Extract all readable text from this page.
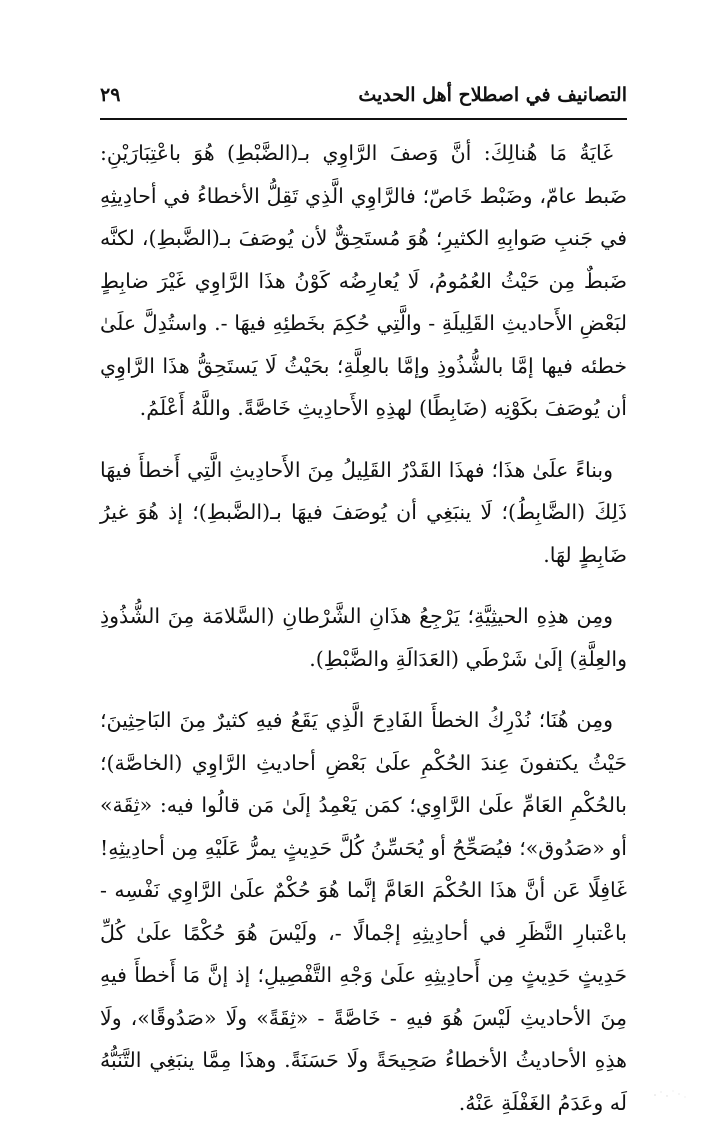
التصانيف في اصطلاح أهل الحديث
٢٩

غَايَةُ مَا هُنالِكَ: أنَّ وَصفَ الرَّاوِي بـ(الضَّبْطِ) هُوَ باعْتِبَارَيْنِ: ضَبط عامّ، وضَبْط خَاصّ؛ فالرَّاوِي الَّذِي تَقِلُّ الأخطاءُ في أحادِيثِهِ في جَنبِ صَوابِهِ الكثيرِ؛ هُوَ مُستَحِقٌّ لأن يُوصَفَ بـ(الضَّبطِ)، لكنَّه ضَبطٌ مِن حَيْثُ العُمُومُ، لَا يُعارِضُه كَوْنُ هذَا الرَّاوِي غَيْرَ ضابِطٍ لبَعْضِ الأَحاديثِ القَلِيلَةِ - والَّتِي حُكِمَ بخَطئِهِ فيهَا -. واستُدِلَّ علَىٰ خطئه فيها إمَّا بالشُّذُوذِ وإمَّا بالعِلَّةِ؛ بحَيْثُ لَا يَستَحِقُّ هذَا الرَّاوِي أن يُوصَفَ بكَوْنِه (ضَابِطًا) لهذِهِ الأَحادِيثِ خَاصَّةً. واللَّهُ أَعْلَمُ.

وبناءً علَىٰ هذَا؛ فهذَا القَدْرُ القَلِيلُ مِنَ الأَحادِيثِ الَّتِي أَخطأَ فيهَا ذَلِكَ (الضَّابِطُ)؛ لَا ينبَغِي أن يُوصَفَ فيهَا بـ(الضَّبطِ)؛ إذ هُوَ غيرُ ضَابِطٍ لهَا.

ومِن هذِهِ الحيثِيَّةِ؛ يَرْجِعُ هذَانِ الشَّرْطانِ (السَّلامَة مِنَ الشُّذُوذِ والعِلَّةِ) إلَىٰ شَرْطَي (العَدَالَةِ والضَّبْطِ).

ومِن هُنَا؛ نُدْرِكُ الخطأَ الفَادِحَ الَّذِي يَقَعُ فيهِ كثيرٌ مِنَ البَاحِثِينَ؛ حَيْثُ يكتفونَ عِندَ الحُكْمِ علَىٰ بَعْضِ أحاديثِ الرَّاوِي (الخاصَّة)؛ بالحُكْمِ العَامِّ علَىٰ الرَّاوِي؛ كمَن يَعْمِدُ إلَىٰ مَن قالُوا فيه: «ثِقَة» أو «صَدُوق»؛ فيُصَحِّحُ أو يُحَسِّنُ كُلَّ حَدِيثٍ يمرُّ عَلَيْهِ مِن أحادِيثِهِ! غَافِلًا عَن أنَّ هذَا الحُكْمَ العَامَّ إنَّما هُوَ حُكْمٌ علَىٰ الرَّاوِي نَفْسِه - باعْتبارِ النَّظَرِ في أحادِيثِهِ إجْمالًا -، ولَيْسَ هُوَ حُكْمًا علَىٰ كُلِّ حَدِيثٍ حَدِيثٍ مِن أَحادِيثِهِ علَىٰ وَجْهِ التَّفْصِيلِ؛ إذ إنَّ مَا أَخطأَ فيهِ مِنَ الأحاديثِ لَيْسَ هُوَ فيهِ - خَاصَّةً - «ثِقَةً» ولَا «صَدُوقًا»، ولَا هذِهِ الأحاديثُ الأخطاءُ صَحِيحَةً ولَا حَسَنَةً. وهذَا مِمَّا ينبَغِي التَّنَبُّهُ لَه وعَدَمُ الغَفْلَةِ عَنْهُ.
